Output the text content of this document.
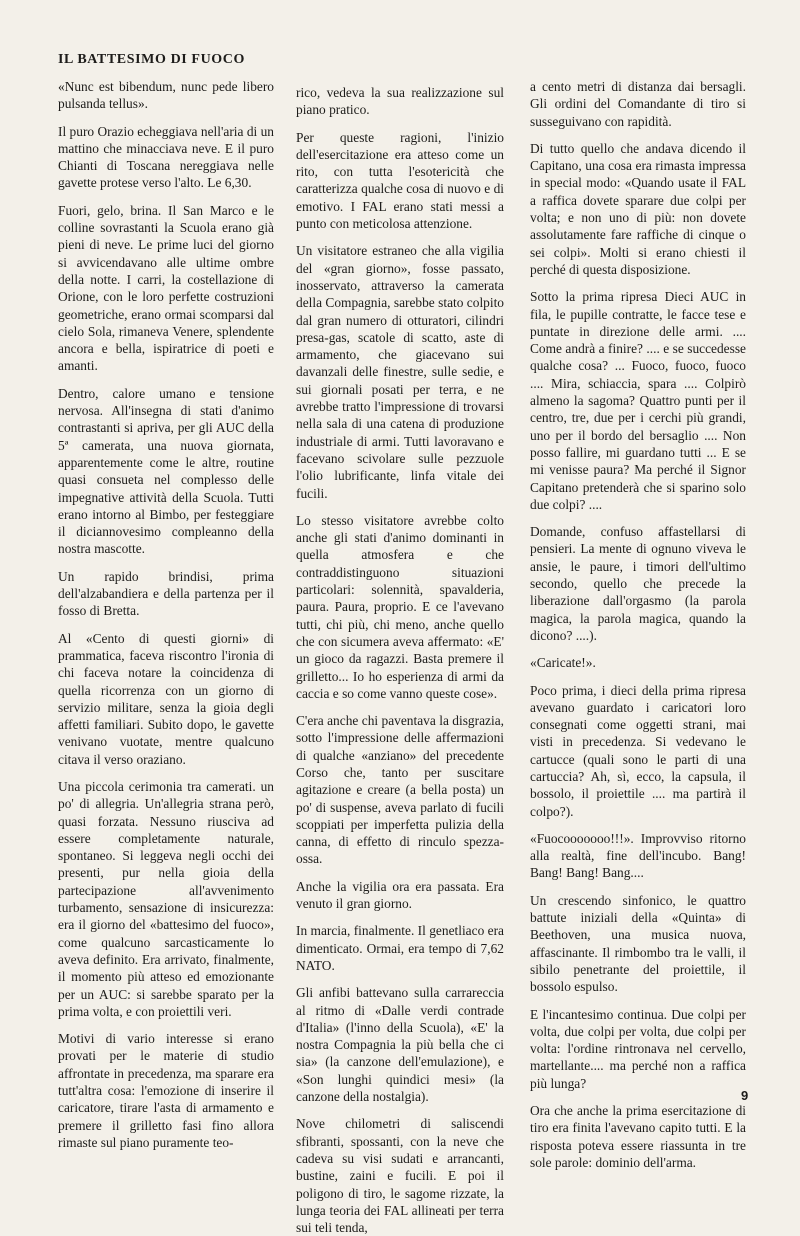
IL BATTESIMO DI FUOCO

«Nunc est bibendum, nunc pede libero pulsanda tellus».

Il puro Orazio echeggiava nell'aria di un mattino che minacciava neve. E il puro Chianti di Toscana nereggiava nelle gavette protese verso l'alto. Le 6,30.

Fuori, gelo, brina. Il San Marco e le colline sovrastanti la Scuola erano già pieni di neve. Le prime luci del giorno si avvicendavano alle ultime ombre della notte. I carri, la costellazione di Orione, con le loro perfette costruzioni geometriche, erano ormai scomparsi dal cielo Sola, rimaneva Venere, splendente ancora e bella, ispiratrice di poeti e amanti.

Dentro, calore umano e tensione nervosa. All'insegna di stati d'animo contrastanti si apriva, per gli AUC della 5ª camerata, una nuova giornata, apparentemente come le altre, routine quasi consueta nel complesso delle impegnative attività della Scuola. Tutti erano intorno al Bimbo, per festeggiare il diciannovesimo compleanno della nostra mascotte.

Un rapido brindisi, prima dell'alzabandiera e della partenza per il fosso di Bretta.

Al «Cento di questi giorni» di prammatica, faceva riscontro l'ironia di chi faceva notare la coincidenza di quella ricorrenza con un giorno di servizio militare, senza la gioia degli affetti familiari. Subito dopo, le gavette venivano vuotate, mentre qualcuno citava il verso oraziano.

Una piccola cerimonia tra camerati. un po' di allegria. Un'allegria strana però, quasi forzata. Nessuno riusciva ad essere completamente naturale, spontaneo. Si leggeva negli occhi dei presenti, pur nella gioia della partecipazione all'avvenimento turbamento, sensazione di insicurezza: era il giorno del «battesimo del fuoco», come qualcuno sarcasticamente lo aveva definito. Era arrivato, finalmente, il momento più atteso ed emozionante per un AUC: si sarebbe sparato per la prima volta, e con proiettili veri.

Motivi di vario interesse si erano provati per le materie di studio affrontate in precedenza, ma sparare era tutt'altra cosa: l'emozione di inserire il caricatore, tirare l'asta di armamento e premere il grilletto fasi fino allora rimaste sul piano puramente teo-

rico, vedeva la sua realizzazione sul piano pratico.

Per queste ragioni, l'inizio dell'esercitazione era atteso come un rito, con tutta l'esotericità che caratterizza qualche cosa di nuovo e di emotivo. I FAL erano stati messi a punto con meticolosa attenzione.

Un visitatore estraneo che alla vigilia del «gran giorno», fosse passato, inosservato, attraverso la camerata della Compagnia, sarebbe stato colpito dal gran numero di otturatori, cilindri presa-gas, scatole di scatto, aste di armamento, che giacevano sui davanzali delle finestre, sulle sedie, e sui giornali posati per terra, e ne avrebbe tratto l'impressione di trovarsi nella sala di una catena di produzione industriale di armi. Tutti lavoravano e facevano scivolare sulle pezzuole l'olio lubrificante, linfa vitale dei fucili.

Lo stesso visitatore avrebbe colto anche gli stati d'animo dominanti in quella atmosfera e che contraddistinguono situazioni particolari: solennità, spavalderia, paura. Paura, proprio. E ce l'avevano tutti, chi più, chi meno, anche quello che con sicumera aveva affermato: «E' un gioco da ragazzi. Basta premere il grilletto... Io ho esperienza di armi da caccia e so come vanno queste cose».

C'era anche chi paventava la disgrazia, sotto l'impressione delle affermazioni di qualche «anziano» del precedente Corso che, tanto per suscitare agitazione e creare (a bella posta) un po' di suspense, aveva parlato di fucili scoppiati per imperfetta pulizia della canna, di effetto di rinculo spezza-ossa.

Anche la vigilia ora era passata. Era venuto il gran giorno.

In marcia, finalmente. Il genetliaco era dimenticato. Ormai, era tempo di 7,62 NATO.

Gli anfibi battevano sulla carrareccia al ritmo di «Dalle verdi contrade d'Italia» (l'inno della Scuola), «E' la nostra Compagnia la più bella che ci sia» (la canzone dell'emulazione), e «Son lunghi quindici mesi» (la canzone della nostalgia).

Nove chilometri di saliscendi sfibranti, spossanti, con la neve che cadeva su visi sudati e arrancanti, bustine, zaini e fucili. E poi il poligono di tiro, le sagome rizzate, la lunga teoria dei FAL allineati per terra sui teli tenda,

a cento metri di distanza dai bersagli. Gli ordini del Comandante di tiro si susseguivano con rapidità.

Di tutto quello che andava dicendo il Capitano, una cosa era rimasta impressa in special modo: «Quando usate il FAL a raffica dovete sparare due colpi per volta; e non uno di più: non dovete assolutamente fare raffiche di cinque o sei colpi». Molti si erano chiesti il perché di questa disposizione.

Sotto la prima ripresa Dieci AUC in fila, le pupille contratte, le facce tese e puntate in direzione delle armi. .... Come andrà a finire? .... e se succedesse qualche cosa? ... Fuoco, fuoco, fuoco .... Mira, schiaccia, spara .... Colpirò almeno la sagoma? Quattro punti per il centro, tre, due per i cerchi più grandi, uno per il bordo del bersaglio .... Non posso fallire, mi guardano tutti ... E se mi venisse paura? Ma perché il Signor Capitano pretenderà che si sparino solo due colpi? ....

Domande, confuso affastellarsi di pensieri. La mente di ognuno viveva le ansie, le paure, i timori dell'ultimo secondo, quello che precede la liberazione dall'orgasmo (la parola magica, la parola magica, quando la dicono? ....).

«Caricate!».

Poco prima, i dieci della prima ripresa avevano guardato i caricatori loro consegnati come oggetti strani, mai visti in precedenza. Si vedevano le cartucce (quali sono le parti di una cartuccia? Ah, sì, ecco, la capsula, il bossolo, il proiettile .... ma partirà il colpo?).

«Fuocooooooo!!!». Improvviso ritorno alla realtà, fine dell'incubo. Bang! Bang! Bang! Bang....

Un crescendo sinfonico, le quattro battute iniziali della «Quinta» di Beethoven, una musica nuova, affascinante. Il rimbombo tra le valli, il sibilo penetrante del proiettile, il bossolo espulso.

E l'incantesimo continua. Due colpi per volta, due colpi per volta, due colpi per volta: l'ordine rintronava nel cervello, martellante.... ma perché non a raffica più lunga?

Ora che anche la prima esercitazione di tiro era finita l'avevano capito tutti. E la risposta poteva essere riassunta in tre sole parole: dominio dell'arma.

9
